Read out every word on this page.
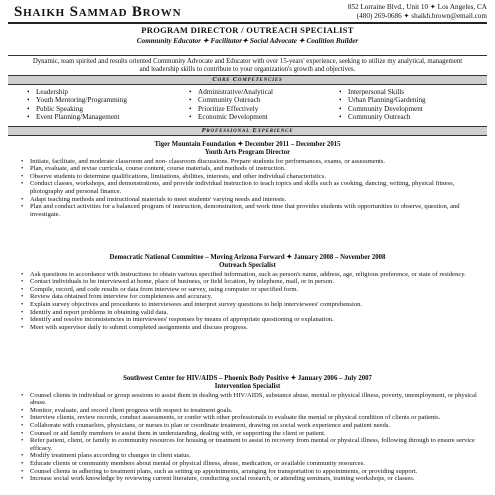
Shaikh Sammad Brown	852 Lorraine Blvd., Unit 10 ✦ Los Angeles, CA
(480) 269-0686 ✦ shaikh.brown@email.com
PROGRAM DIRECTOR / OUTREACH SPECIALIST
Community Educator ✦ Facilitator✦ Social Advocate ✦ Coalition Builder
Dynamic, team spirited and results oriented Community Advocate and Educator with over 15-years' experience, seeking to utilize my analytical, management and leadership skills to contribute to your organization's growth and objectives.
Core Competencies
• Leadership
• Youth Mentoring/Programming
• Public Speaking
• Event Planning/Management
• Administrative/Analytical
• Community Outreach
• Prioritize Effectively
• Economic Development
• Interpersonal Skills
• Urban Planning/Gardening
• Community Development
• Community Outreach
Professional Experience
Tiger Mountain Foundation ✦ December 2011 – December 2015
Youth Arts Program Director
• Initiate, facilitate, and moderate classroom and non- classroom discussions. Prepare students for performances, exams, or assessments.
• Plan, evaluate, and revise curricula, course content, course materials, and methods of instruction.
• Observe students to determine qualifications, limitations, abilities, interests, and other individual characteristics.
• Conduct classes, workshops, and demonstrations, and provide individual instruction to teach topics and skills such as cooking, dancing, writing, physical fitness, photography and personal finance.
• Adapt teaching methods and instructional materials to meet students' varying needs and interests.
• Plan and conduct activities for a balanced program of instruction, demonstration, and work time that provides students with opportunities to observe, question, and investigate.
Democratic National Committee – Moving Arizona Forward ✦ January 2008 – November 2008
Outreach Specialist
• Ask questions in accordance with instructions to obtain various specified information, such as person's name, address, age, religious preference, or state of residency.
• Contact individuals to be interviewed at home, place of business, or field location, by telephone, mail, or in person.
• Compile, record, and code results or data from interview or survey, using computer or specified form.
• Review data obtained from interview for completeness and accuracy.
• Explain survey objectives and procedures to interviewees and interpret survey questions to help interviewees' comprehension.
• Identify and report problems in obtaining valid data.
• Identify and resolve inconsistencies in interviewees' responses by means of appropriate questioning or explanation.
• Meet with supervisor daily to submit completed assignments and discuss progress.
Southwest Center for HIV/AIDS – Phoenix Body Positive ✦ January 2006 – July 2007
Intervention Specialist
• Counsel clients in individual or group sessions to assist them in dealing with HIV/AIDS, substance abuse, mental or physical illness, poverty, unemployment, or physical abuse.
• Monitor, evaluate, and record client progress with respect to treatment goals.
• Interview clients, review records, conduct assessments, or confer with other professionals to evaluate the mental or physical condition of clients or patients.
• Collaborate with counselors, physicians, or nurses to plan or coordinate treatment, drawing on social work experience and patient needs.
• Counsel or aid family members to assist them in understanding, dealing with, or supporting the client or patient.
• Refer patient, client, or family to community resources for housing or treatment to assist in recovery from mental or physical illness, following through to ensure service efficacy.
• Modify treatment plans according to changes in client status.
• Educate clients or community members about mental or physical illness, abuse, medication, or available community resources.
• Counsel clients in adhering to treatment plans, such as setting up appointments, arranging for transportation to appointments, or providing support.
• Increase social work knowledge by reviewing current literature, conducting social research, or attending seminars, training workshops, or classes.
